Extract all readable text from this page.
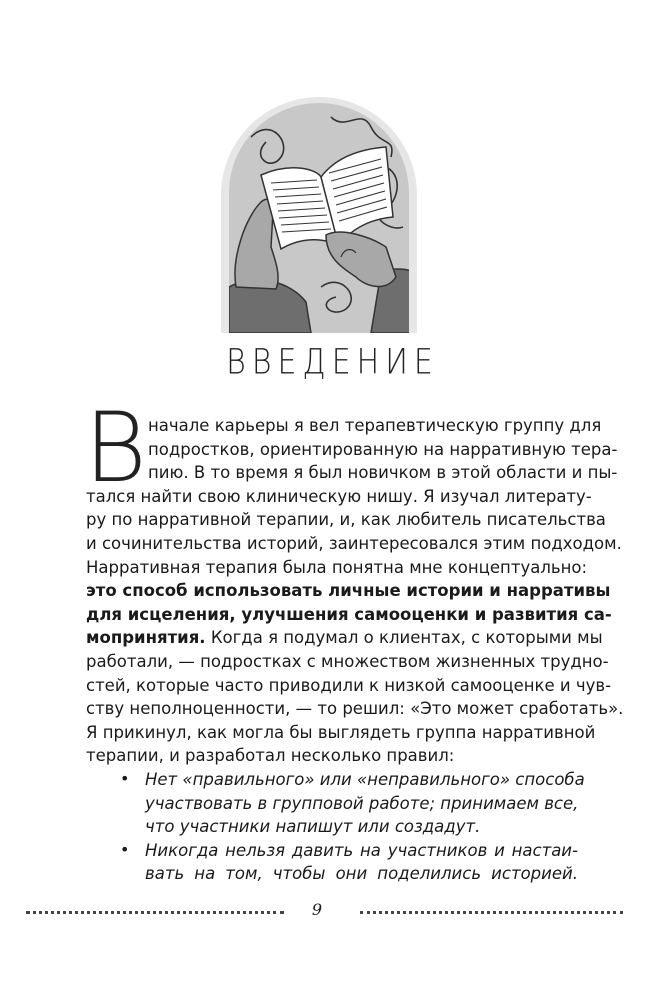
ВВЕДЕНИЕ
В начале карьеры я вел терапевтическую группу для
подростков, ориентированную на нарративную тера-
пию. В то время я был новичком в этой области и пы-
тался найти свою клиническую нишу. Я изучал литерату-
ру по нарративной терапии, и, как любитель писательства
и сочинительства историй, заинтересовался этим подходом.
Нарративная терапия была понятна мне концептуально:
это способ использовать личные истории и нарративы
для исцеления, улучшения самооценки и развития са-
мопринятия. Когда я подумал о клиентах, с которыми мы
работали, — подростках с множеством жизненных трудно-
стей, которые часто приводили к низкой самооценке и чув-
ству неполноценности, — то решил: «Это может сработать».
Я прикинул, как могла бы выглядеть группа нарративной
терапии, и разработал несколько правил:
• Нет «правильного» или «неправильного» способа
участвовать в групповой работе; принимаем все,
что участники напишут или создадут.
• Никогда нельзя давить на участников и настаи-
вать на том, чтобы они поделились историей.
9
